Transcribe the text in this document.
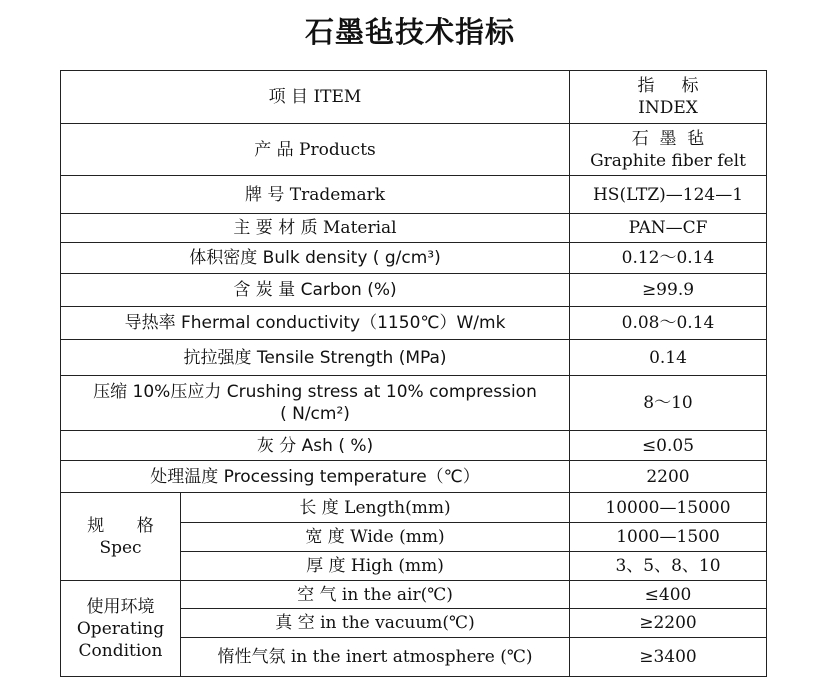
石墨毡技术指标
项 目 ITEM		指     标
INDEX

产 品 Products		石  墨  毡
Graphite fiber felt

牌 号 Trademark		HS(LTZ)—124—1
主 要 材 质 Material		PAN—CF
体积密度 Bulk density ( g/cm³)		0.12～0.14
含 炭 量 Carbon (%)		≥99.9
导热率 Fhermal conductivity（1150℃）W/mk		0.08～0.14
抗拉强度 Tensile Strength (MPa)		0.14

压缩 10%压应力 Crushing stress at 10% compression
( N/cm²)		8～10
灰 分 Ash ( %)		≤0.05
处理温度 Processing temperature（℃）		2200

规      格
Spec	长 度 Length(mm)	10000—15000
	宽 度 Wide (mm)	1000—1500
	厚 度 High (mm)	3、5、8、10

使用环境
Operating
Condition	空 气 in the air(℃)	≤400
	真 空 in the vacuum(℃)	≥2200
	惰性气氛 in the inert atmosphere (℃)	≥3400
